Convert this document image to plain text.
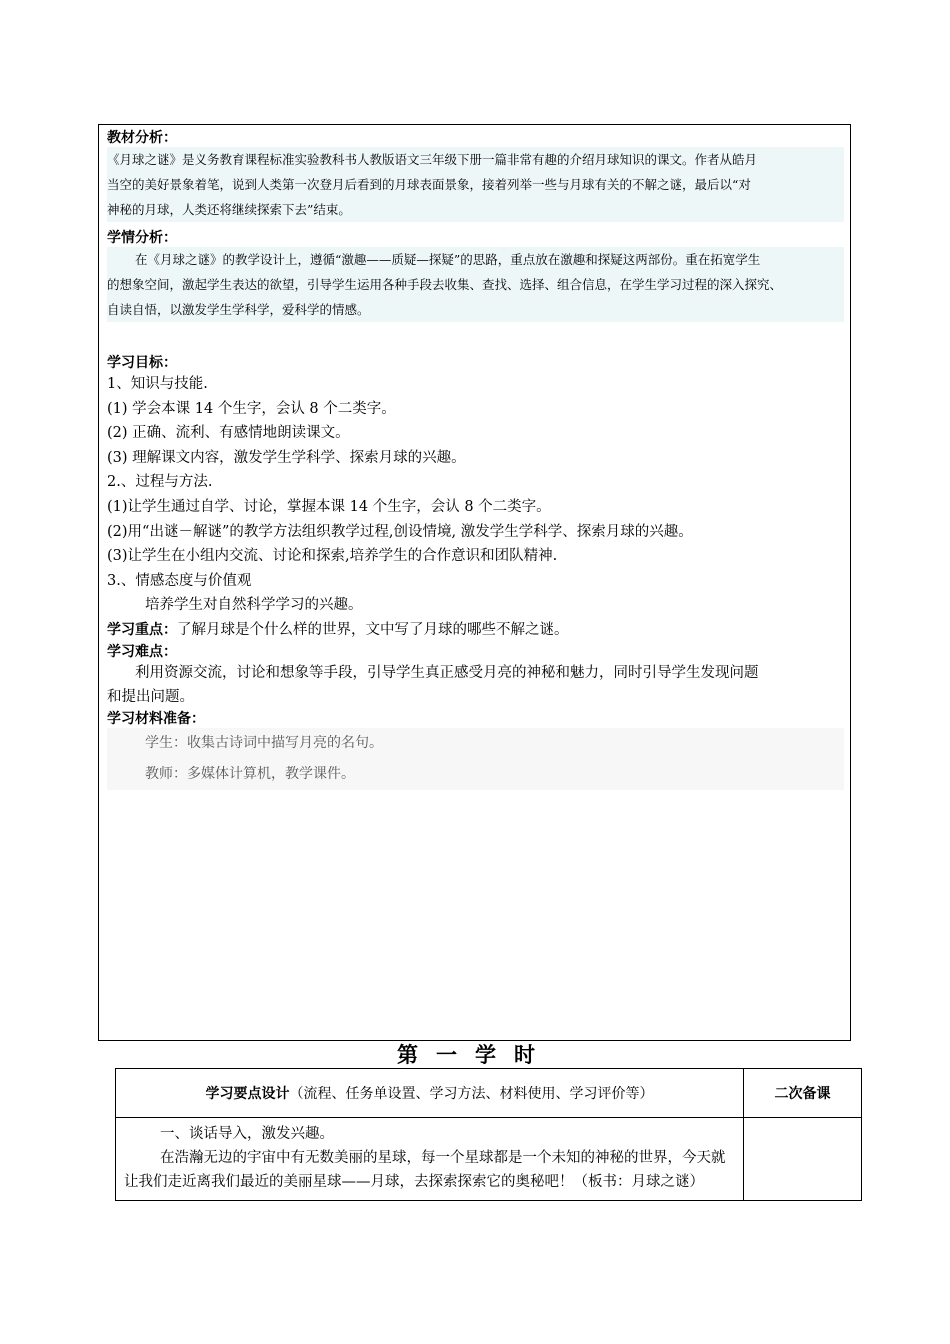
教材分析：
《月球之谜》是义务教育课程标准实验教科书人教版语文三年级下册一篇非常有趣的介绍月球知识的课文。作者从皓月
当空的美好景象着笔，说到人类第一次登月后看到的月球表面景象，接着列举一些与月球有关的不解之谜，最后以“对
神秘的月球，人类还将继续探索下去”结束。
学情分析：
在《月球之谜》的教学设计上，遵循“激趣——质疑—探疑”的思路，重点放在激趣和探疑这两部份。重在拓宽学生
的想象空间，激起学生表达的欲望，引导学生运用各种手段去收集、查找、选择、组合信息，在学生学习过程的深入探究、
自读自悟，以激发学生学科学，爱科学的情感。
学习目标：
1、知识与技能.
(1) 学会本课 14 个生字，会认 8 个二类字。
(2) 正确、流利、有感情地朗读课文。
(3) 理解课文内容，激发学生学科学、探索月球的兴趣。
2.、过程与方法.
(1)让学生通过自学、讨论，掌握本课 14 个生字，会认 8 个二类字。
(2)用“出谜－解谜”的教学方法组织教学过程,创设情境, 激发学生学科学、探索月球的兴趣。
(3)让学生在小组内交流、讨论和探索,培养学生的合作意识和团队精神.
3.、情感态度与价值观
培养学生对自然科学学习的兴趣。
学习重点：了解月球是个什么样的世界，文中写了月球的哪些不解之谜。
学习难点：
利用资源交流，讨论和想象等手段，引导学生真正感受月亮的神秘和魅力，同时引导学生发现问题
和提出问题。
学习材料准备：
学生：收集古诗词中描写月亮的名句。
教师：多媒体计算机，教学课件。
第一学时
学习要点设计（流程、任务单设置、学习方法、材料使用、学习评价等）	二次备课

一、谈话导入，激发兴趣。
在浩瀚无边的宇宙中有无数美丽的星球，每一个星球都是一个未知的神秘的世界，今天就让我们走近离我们最近的美丽星球——月球，去探索探索它的奥秘吧！（板书：月球之谜）	
